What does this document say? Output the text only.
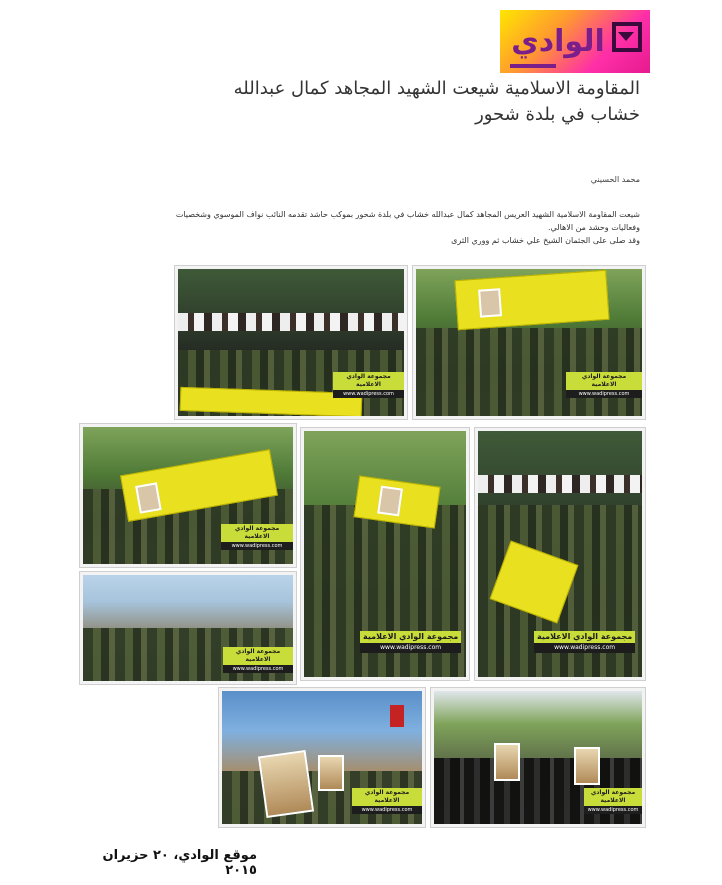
الوادي
المقاومة الاسلامية شيعت الشهيد المجاهد كمال عبدالله خشاب في بلدة شحور
محمد الحسيني

شيعت المقاومة الاسلامية الشهيد العريس المجاهد كمال عبدالله خشاب في بلدة شحور بموكب حاشد تقدمه النائب نواف الموسوي وشخصيات وفعاليات وحشد من الاهالي.

وقد صلى على الجثمان الشيخ علي خشاب ثم ووري الثرى

مجموعة الوادي الاعلامية
www.wadipress.com
مجموعة الوادي الاعلامية
www.wadipress.com
مجموعة الوادي الاعلامية
www.wadipress.com
مجموعة الوادي الاعلامية
www.wadipress.com
مجموعة الوادي الاعلامية
www.wadipress.com
مجموعة الوادي الاعلامية
www.wadipress.com
مجموعة الوادي الاعلامية
www.wadipress.com
مجموعة الوادي الاعلامية
www.wadipress.com
موقع الوادي، ٢٠ حزيران ٢٠١٥
